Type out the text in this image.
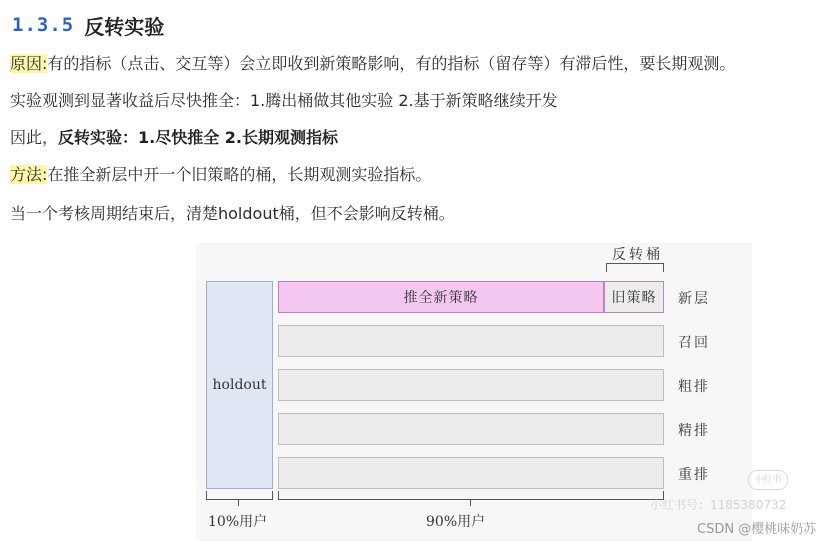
1.3.5 反转实验
原因:有的指标（点击、交互等）会立即收到新策略影响，有的指标（留存等）有滞后性，要长期观测。
实验观测到显著收益后尽快推全：1.腾出桶做其他实验 2.基于新策略继续开发
因此，反转实验：1.尽快推全 2.长期观测指标
方法:在推全新层中开一个旧策略的桶，长期观测实验指标。
当一个考核周期结束后，清楚holdout桶，但不会影响反转桶。
反转桶
holdout
推全新策略	旧策略 新层
召回
粗排
精排
重排
10%用户	90%用户
小红书
小红书号：1185380732
CSDN @樱桃味奶苏
